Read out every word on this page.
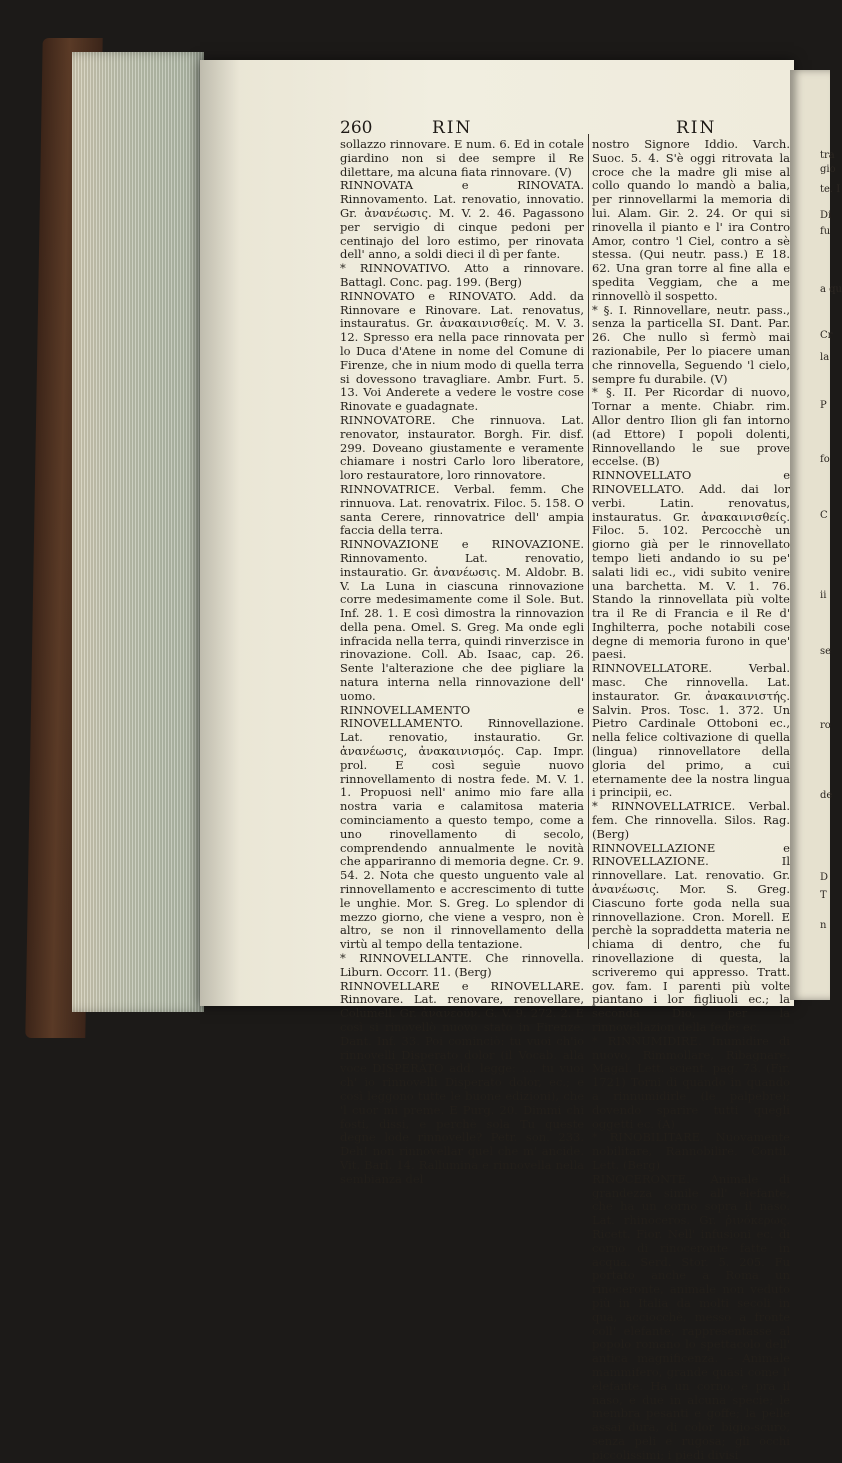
260	RIN	RIN

sollazzo rinnovare. E num. 6. Ed in cotale giardino non si dee sempre il Re dilettare, ma alcuna fiata rinnovare. (V)

RINNOVATA e RINOVATA. Rinnovamento. Lat. renovatio, innovatio. Gr. ἀνανέωσις. M. V. 2. 46. Pagassono per servigio di cinque pedoni per centinajo del loro estimo, per rinovata dell' anno, a soldi dieci il dì per fante.

* RINNOVATIVO. Atto a rinnovare. Battagl. Conc. pag. 199. (Berg)

RINNOVATO e RINOVATO. Add. da Rinnovare e Rinovare. Lat. renovatus, instauratus. Gr. ἀνακαινισθείς. M. V. 3. 12. Spresso era nella pace rinnovata per lo Duca d'Atene in nome del Comune di Firenze, che in nium modo di quella terra si dovessono travagliare. Ambr. Furt. 5. 13. Voi Anderete a vedere le vostre cose Rinovate e guadagnate.

RINNOVATORE. Che rinnuova. Lat. renovator, instaurator. Borgh. Fir. disf. 299. Doveano giustamente e veramente chiamare i nostri Carlo loro liberatore, loro restauratore, loro rinnovatore.

RINNOVATRICE. Verbal. femm. Che rinnuova. Lat. renovatrix. Filoc. 5. 158. O santa Cerere, rinnovatrice dell' ampia faccia della terra.

RINNOVAZIONE e RINOVAZIONE. Rinnovamento. Lat. renovatio, instauratio. Gr. ἀνανέωσις. M. Aldobr. B. V. La Luna in ciascuna rinnovazione corre medesimamente come il Sole. But. Inf. 28. 1. E così dimostra la rinnovazion della pena. Omel. S. Greg. Ma onde egli infracida nella terra, quindi rinverzisce in rinovazione. Coll. Ab. Isaac, cap. 26. Sente l'alterazione che dee pigliare la natura interna nella rinnovazione dell' uomo.

RINNOVELLAMENTO e RINOVELLAMENTO. Rinnovellazione. Lat. renovatio, instauratio. Gr. ἀνανέωσις, ἀνακαινισμός. Cap. Impr. prol. E così seguìe nuovo rinnovellamento di nostra fede. M. V. 1. 1. Propuosi nell' animo mio fare alla nostra varia e calamitosa materia cominciamento a questo tempo, come a uno rinovellamento di secolo, comprendendo annualmente le novità che appariranno di memoria degne. Cr. 9. 54. 2. Nota che questo unguento vale al rinnovellamento e accrescimento di tutte le unghie. Mor. S. Greg. Lo splendor di mezzo giorno, che viene a vespro, non è altro, se non il rinnovellamento della virtù al tempo della tentazione.

* RINNOVELLANTE. Che rinnovella. Liburn. Occorr. 11. (Berg)

RINNOVELLARE e RINOVELLARE. Rinnovare. Lat. renovare, renovellare, Columell. Gr. ἀνανεοῦν. G. V. 9. 272. 2. E così si rinovellò nuovo stato in Firenze. Dant. Inf. 33. Poi cominciò: tu vuoi ch'io rinnovelli Disperato dolor (il Vocab. alla voce DISPERATO add. legge: .... tu vuoi ch' io rinnovelli Disperato dolor, ec.; e così leggono tutte le buone edizioni), che 'l cuor mi preme. E Purg. 20. Dimmi chi fosti, dissi, e perchè sola Tu queste degne lode rinnovelle? Petr. son. 233. Deh! non rinnovellar quel che m' ancide. Vit. Barl. 14. Rallumina e rinnovella nella sembianza del

nostro Signore Iddio. Varch. Suoc. 5. 4. S'è oggi ritrovata la croce che la madre gli mise al collo quando lo mandò a balia, per rinnovellarmi la memoria di lui. Alam. Gir. 2. 24. Or qui si rinovella il pianto e l' ira Contro Amor, contro 'l Ciel, contro a sè stessa. (Qui neutr. pass.) E 18. 62. Una gran torre al fine alla e spedita Veggiam, che a me rinnovellò il sospetto.

* §. I. Rinnovellare, neutr. pass., senza la particella SI. Dant. Par. 26. Che nullo sì fermò mai razionabile, Per lo piacere uman che rinnovella, Seguendo 'l cielo, sempre fu durabile. (V)

* §. II. Per Ricordar di nuovo, Tornar a mente. Chiabr. rim. Allor dentro Ilion gli fan intorno (ad Ettore) I popoli dolenti, Rinnovellando le sue prove eccelse. (B)

RINNOVELLATO e RINOVELLATO. Add. dai lor verbi. Latin. renovatus, instauratus. Gr. ἀνακαινισθείς. Filoc. 5. 102. Percocchè un giorno già per le rinnovellato tempo lieti andando io su pe' salati lidi ec., vidi subito venire una barchetta. M. V. 1. 76. Stando la rinnovellata più volte tra il Re di Francia e il Re d' Inghilterra, poche notabili cose degne di memoria furono in que' paesi.

RINNOVELLATORE. Verbal. masc. Che rinnovella. Lat. instaurator. Gr. ἀνακαινιστής. Salvin. Pros. Tosc. 1. 372. Un Pietro Cardinale Ottoboni ec., nella felice coltivazione di quella (lingua) rinnovellatore della gloria del primo, a cui eternamente dee la nostra lingua i principii, ec.

* RINNOVELLATRICE. Verbal. fem. Che rinnovella. Silos. Rag. (Berg)

RINNOVELLAZIONE e RINOVELLAZIONE. Il rinnovellare. Lat. renovatio. Gr. ἀνανέωσις. Mor. S. Greg. Ciascuno forte goda nella sua rinnovellazione. Cron. Morell. E perchè la sopraddetta materia ne chiama di dentro, che fu rinovellazione di questa, la scriveremo qui appresso. Tratt. gov. fam. I parenti più volte piantano i lor figliuoli ec.; la seconda Dio, per la rinnovellazion della fede; ec.

* RINNUMIDIRE. Inumidire di nuovo, Rimmollare, Ribagnare. Magal. Lett. scient. pag. 73. (Fir. 1721) Torni di quando in quando a rinnumidirle (le palpebre); dovendo sparire tutti quegli oggetti ec. (A)

* RINOBILITARE. Nuovamente nobilitare, Rannobilire. Contil. Lett. (Berg)

RINOCERONTE. Animale di grandezza simile all' elefante, che ha un corno sopra il naso. Lat. rhinoceros. Gr. ῥινόκερως. Ricett. Fior. Nell' infusioni ec. di corno di rinoceronte fatte in acqua. Serd. Stor. 5. 205. Fu portato anche a Roma un rinoceronte, animale non veduto più in Italia da molti secoli in qua, acciocchè, messo a fronte coll' elefante, rappresentasse al popolo romano lo spettacolo dell' antica magnificenza. – Animale mammifero, grande quasi come l' elefante. Ha un corno, e pra il naso, e due in alcuna specie; le membra pesanti e goffe; la pelle assai dura, di color bigio-scuro, senza peli e rugosa; gli occhi piccolissimi; i piedi divisi

tra
gio
te. I
Di
fu
a qu
Cr
la
P
fo
C
ii
se
ro
de
D
T
n
